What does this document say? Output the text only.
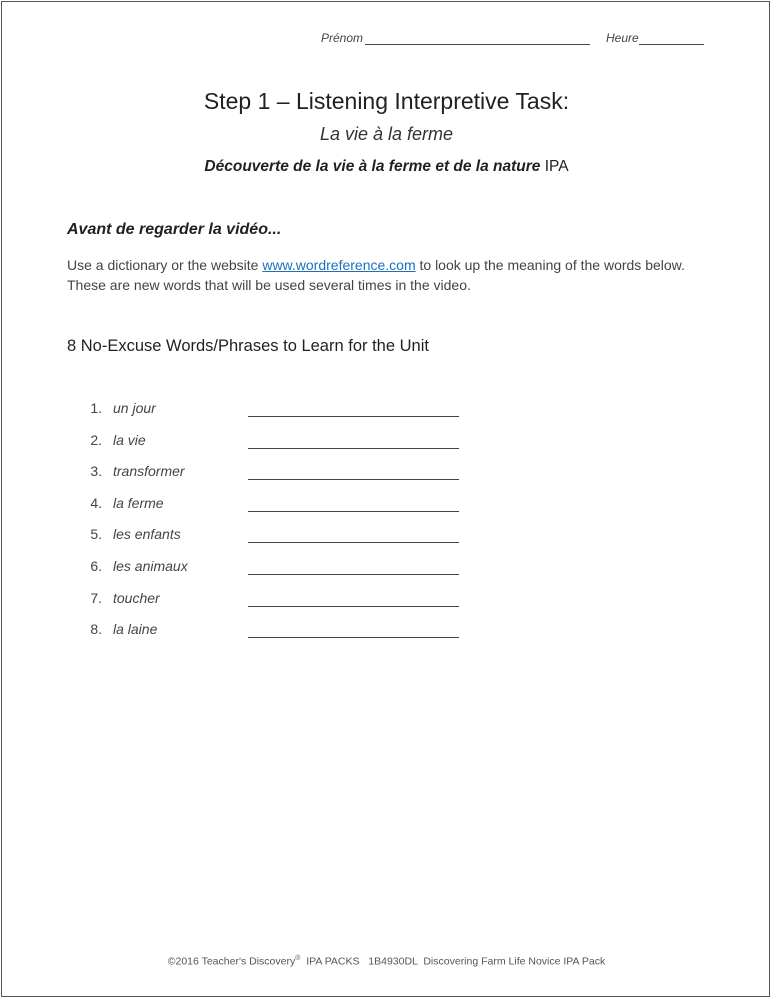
Prénom	Heure
Step 1 – Listening Interpretive Task:
La vie à la ferme
Découverte de la vie à la ferme et de la nature IPA
Avant de regarder la vidéo...
Use a dictionary or the website www.wordreference.com to look up the meaning of the words below. These are new words that will be used several times in the video.
8 No-Excuse Words/Phrases to Learn for the Unit
1. un jour
2. la vie
3. transformer
4. la ferme
5. les enfants
6. les animaux
7. toucher
8. la laine
©2016 Teacher's Discovery®  IPA PACKS   1B4930DL  Discovering Farm Life Novice IPA Pack
